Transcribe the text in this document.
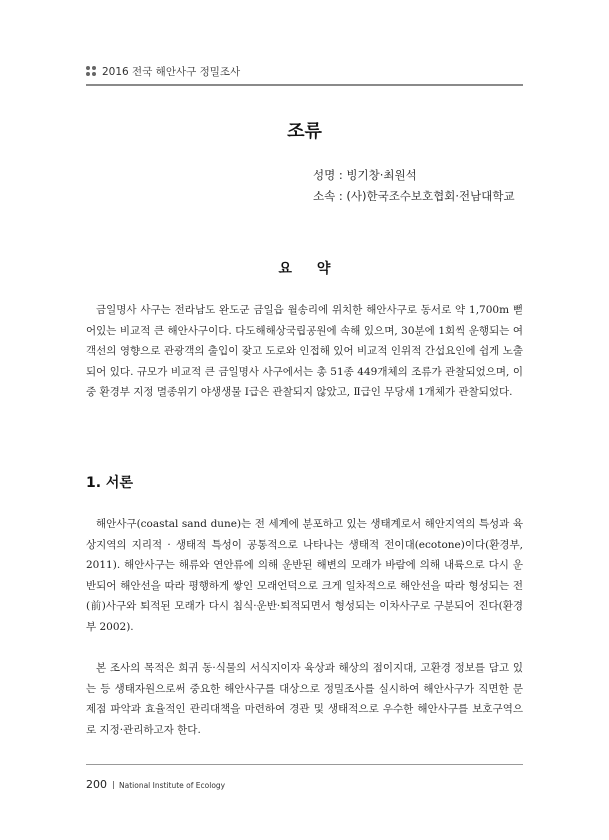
2016 전국 해안사구 정밀조사
조류
성명 : 빙기창·최원석
소속 : (사)한국조수보호협회·전남대학교
요 약
금일명사 사구는 전라남도 완도군 금일읍 월송리에 위치한 해안사구로 동서로 약 1,700m 뻗어있는 비교적 큰 해안사구이다. 다도해해상국립공원에 속해 있으며, 30분에 1회씩 운행되는 여객선의 영향으로 관광객의 출입이 잦고 도로와 인접해 있어 비교적 인위적 간섭요인에 쉽게 노출되어 있다. 규모가 비교적 큰 금일명사 사구에서는 총 51종 449개체의 조류가 관찰되었으며, 이 중 환경부 지정 멸종위기 야생생물 Ⅰ급은 관찰되지 않았고, Ⅱ급인 무당새 1개체가 관찰되었다.
1. 서론
해안사구(coastal sand dune)는 전 세계에 분포하고 있는 생태계로서 해안지역의 특성과 육상지역의 지리적 · 생태적 특성이 공통적으로 나타나는 생태적 전이대(ecotone)이다(환경부, 2011). 해안사구는 해류와 연안류에 의해 운반된 해변의 모래가 바람에 의해 내륙으로 다시 운반되어 해안선을 따라 평행하게 쌓인 모래언덕으로 크게 일차적으로 해안선을 따라 형성되는 전(前)사구와 퇴적된 모래가 다시 침식·운반·퇴적되면서 형성되는 이차사구로 구분되어 진다(환경부 2002).
본 조사의 목적은 희귀 동·식물의 서식지이자 육상과 해상의 점이지대, 고환경 정보를 담고 있는 등 생태자원으로써 중요한 해안사구를 대상으로 정밀조사를 실시하여 해안사구가 직면한 문제점 파악과 효율적인 관리대책을 마련하여 경관 및 생태적으로 우수한 해안사구를 보호구역으로 지정·관리하고자 한다.
200 National Institute of Ecology
